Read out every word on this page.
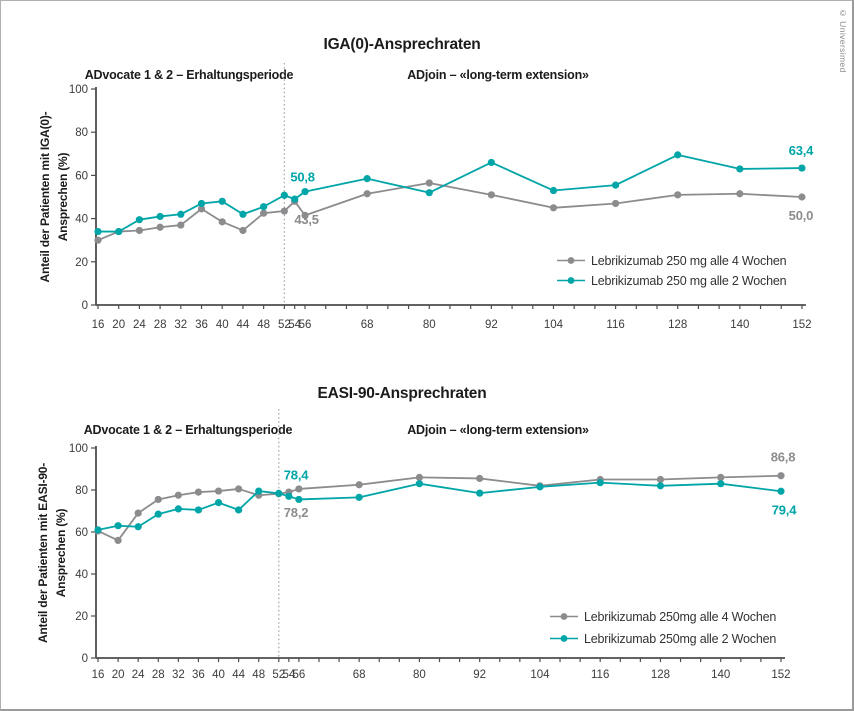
© Universimed
IGA(0)-Ansprechraten
ADvocate 1 & 2 – Erhaltungsperiode	ADjoin – «long-term extension»
Anteil der Patienten mit IGA(0)- Ansprechen (%)
0
20
40
60
80
100
16 20 24 28 32 36 40 44 48 52
54
56	68	80	92	104	116	128	140	152
50,8
43,5
63,4
50,0
Lebrikizumab 250 mg alle 4 Wochen
Lebrikizumab 250 mg alle 2 Wochen
EASI-90-Ansprechraten
ADvocate 1 & 2 – Erhaltungsperiode	ADjoin – «long-term extension»
Anteil der Patienten mit EASI-90- Ansprechen (%)
0
20
40
60
80
100
16 20 24 28 32 36 40 44 48 52
54
56	68	80	92	104	116	128	140	152
78,4
78,2
86,8
79,4
Lebrikizumab 250mg alle 4 Wochen
Lebrikizumab 250mg alle 2 Wochen
